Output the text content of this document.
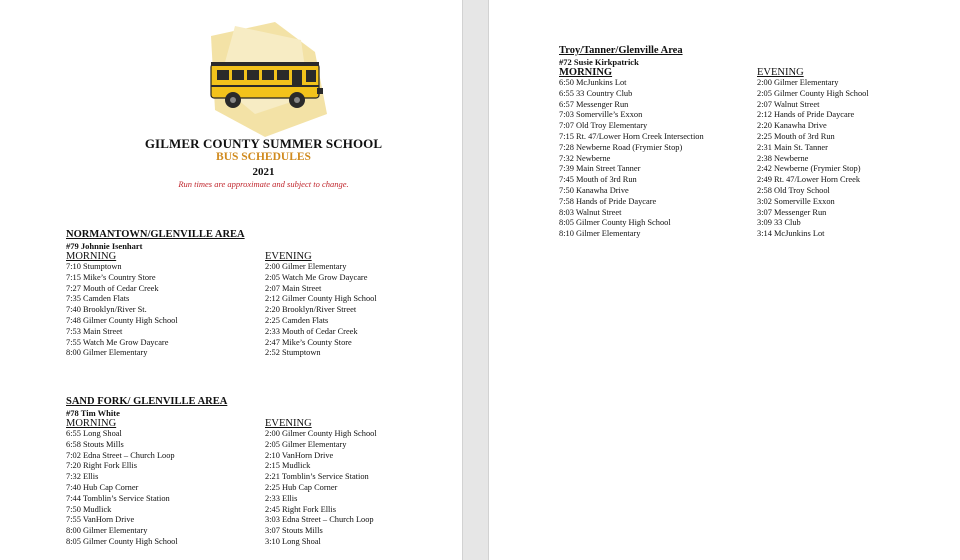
GILMER COUNTY SUMMER SCHOOL
BUS SCHEDULES
2021
Run times are approximate and subject to change.
NORMANTOWN/GLENVILLE AREA
#79 Johnnie Isenhart
MORNING
7:10 Stumptown
7:15 Mike’s Country Store
7:27 Mouth of Cedar Creek
7:35 Camden Flats
7:40 Brooklyn/River St.
7:48 Gilmer County High School
7:53 Main Street
7:55 Watch Me Grow Daycare
8:00 Gilmer Elementary
EVENING
2:00 Gilmer Elementary
2:05 Watch Me Grow Daycare
2:07 Main Street
2:12 Gilmer County High School
2:20 Brooklyn/River Street
2:25 Camden Flats
2:33 Mouth of Cedar Creek
2:47 Mike’s County Store
2:52 Stumptown
SAND FORK/ GLENVILLE AREA
#78 Tim White
MORNING
6:55 Long Shoal
6:58 Stouts Mills
7:02 Edna Street – Church Loop
7:20 Right Fork Ellis
7:32 Ellis
7:40 Hub Cap Corner
7:44 Tomblin’s Service Station
7:50 Mudlick
7:55 VanHorn Drive
8:00 Gilmer Elementary
8:05 Gilmer County High School
EVENING
2:00 Gilmer County High School
2:05 Gilmer Elementary
2:10 VanHorn Drive
2:15 Mudlick
2:21 Tomblin’s Service Station
2:25 Hub Cap Corner
2:33 Ellis
2:45 Right Fork Ellis
3:03 Edna Street – Church Loop
3:07 Stouts Mills
3:10 Long Shoal
Troy/Tanner/Glenville Area
#72 Susie Kirkpatrick
MORNING
6:50 McJunkins Lot
6:55 33 Country Club
6:57 Messenger Run
7:03 Somerville’s Exxon
7:07 Old Troy Elementary
7:15 Rt. 47/Lower Horn Creek Intersection
7:28 Newberne Road (Frymier Stop)
7:32 Newberne
7:39 Main Street Tanner
7:45 Mouth of 3rd Run
7:50 Kanawha Drive
7:58 Hands of Pride Daycare
8:03 Walnut Street
8:05 Gilmer County High School
8:10 Gilmer Elementary
EVENING
2:00 Gilmer Elementary
2:05 Gilmer County High School
2:07 Walnut Street
2:12 Hands of Pride Daycare
2:20 Kanawha Drive
2:25 Mouth of 3rd Run
2:31 Main St. Tanner
2:38 Newberne
2:42 Newberne (Frymier Stop)
2:49 Rt. 47/Lower Horn Creek
2:58 Old Troy School
3:02 Somerville Exxon
3:07 Messenger Run
3:09 33 Club
3:14 McJunkins Lot
